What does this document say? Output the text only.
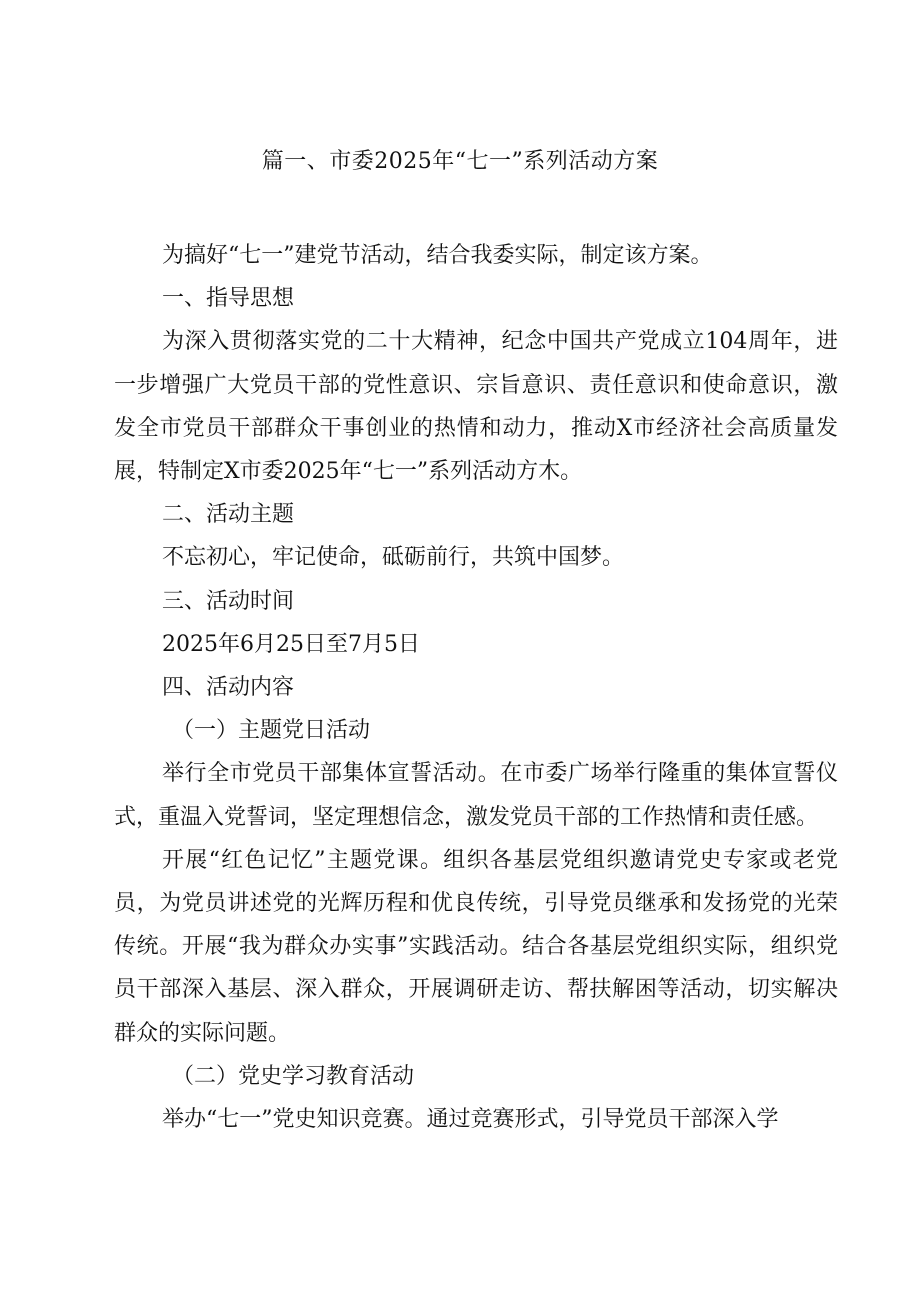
篇一、市委2025年“七一”系列活动方案

为搞好“七一”建党节活动，结合我委实际，制定该方案。

一、指导思想

为深入贯彻落实党的二十大精神，纪念中国共产党成立104周年，进一步增强广大党员干部的党性意识、宗旨意识、责任意识和使命意识，激发全市党员干部群众干事创业的热情和动力，推动X市经济社会高质量发展，特制定X市委2025年“七一”系列活动方木。

二、活动主题

不忘初心，牢记使命，砥砺前行，共筑中国梦。

三、活动时间

2025年6月25日至7月5日

四、活动内容

（一）主题党日活动

举行全市党员干部集体宣誓活动。在市委广场举行隆重的集体宣誓仪式，重温入党誓词，坚定理想信念，激发党员干部的工作热情和责任感。

开展“红色记忆”主题党课。组织各基层党组织邀请党史专家或老党员，为党员讲述党的光辉历程和优良传统，引导党员继承和发扬党的光荣传统。开展“我为群众办实事”实践活动。结合各基层党组织实际，组织党员干部深入基层、深入群众，开展调研走访、帮扶解困等活动，切实解决群众的实际问题。

（二）党史学习教育活动

举办“七一”党史知识竞赛。通过竞赛形式，引导党员干部深入学
